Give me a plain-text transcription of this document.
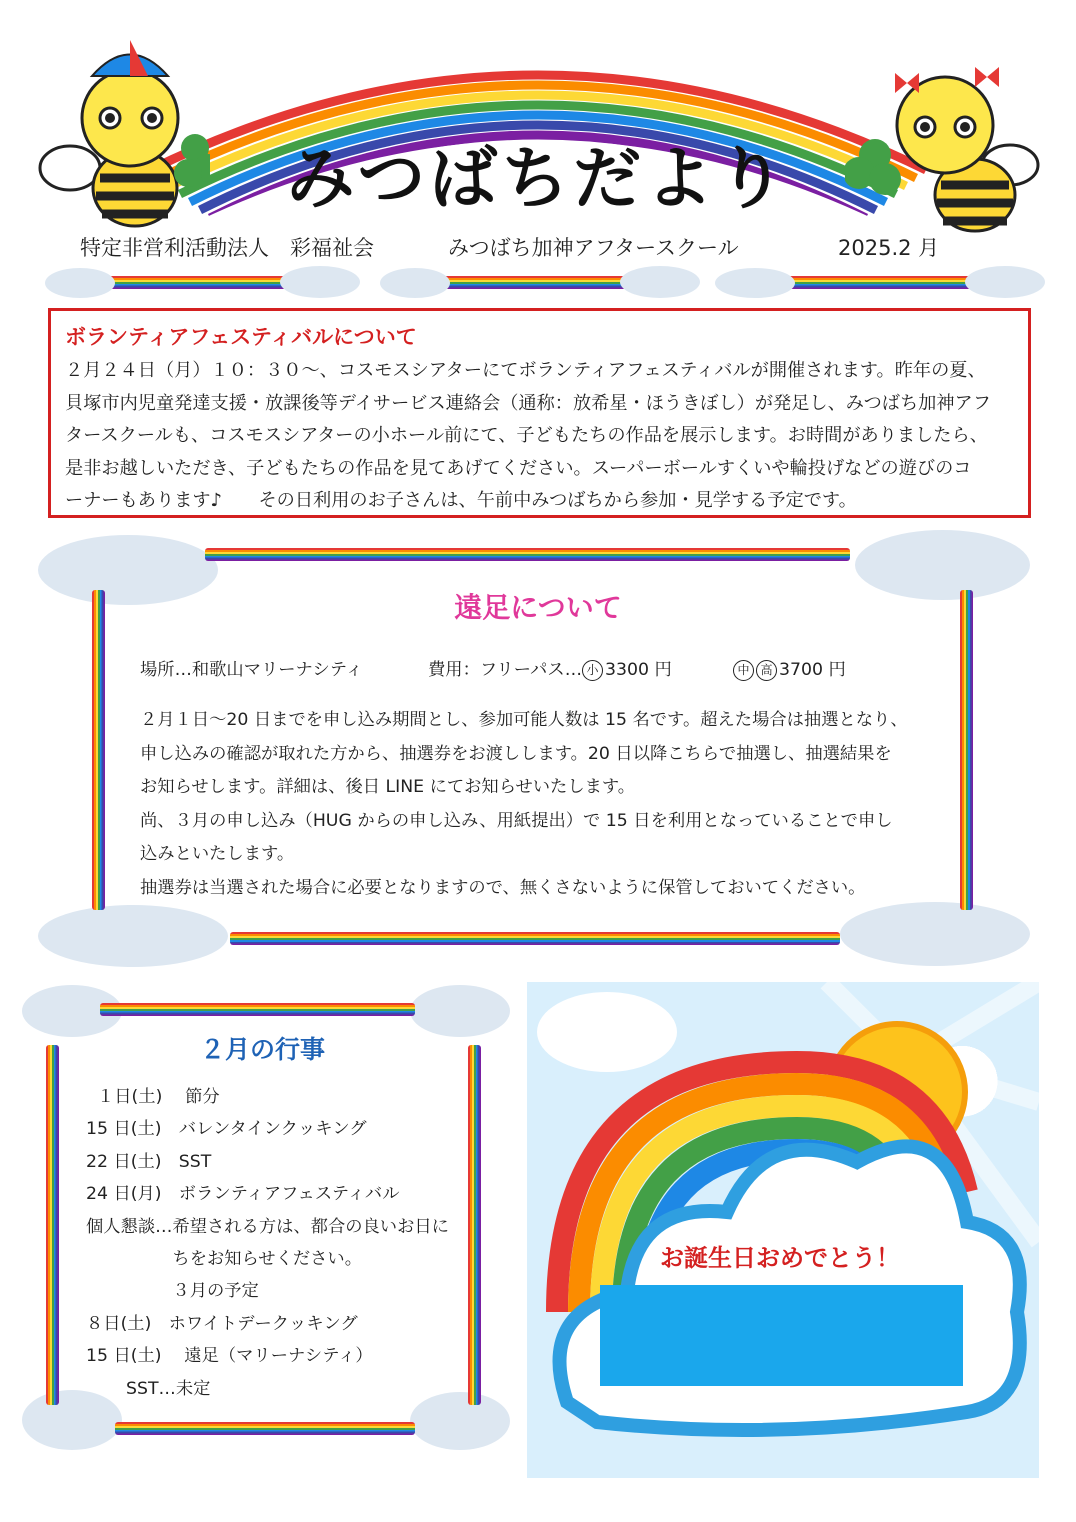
みつばちだより
特定非営利活動法人　彩福祉会	みつばち加神アフタースクール	2025.2 月
ボランティアフェスティバルについて
２月２４日（月）１０：３０～、コスモスシアターにてボランティアフェスティバルが開催されます。昨年の夏、
貝塚市内児童発達支援・放課後等デイサービス連絡会（通称：放希星・ほうきぼし）が発足し、みつばち加神アフ
タースクールも、コスモスシアターの小ホール前にて、子どもたちの作品を展示します。お時間がありましたら、
是非お越しいただき、子どもたちの作品を見てあげてください。スーパーボールすくいや輪投げなどの遊びのコ
ーナーもあります♪　　その日利用のお子さんは、午前中みつばちから参加・見学する予定です。
遠足について
場所…和歌山マリーナシティ	費用：フリーパス… 小 3300 円	中 高 3700 円
２月１日～20 日までを申し込み期間とし、参加可能人数は 15 名です。超えた場合は抽選となり、
申し込みの確認が取れた方から、抽選券をお渡しします。20 日以降こちらで抽選し、抽選結果を
お知らせします。詳細は、後日 LINE にてお知らせいたします。
尚、３月の申し込み（HUG からの申し込み、用紙提出）で 15 日を利用となっていることで申し
込みといたします。
抽選券は当選された場合に必要となりますので、無くさないように保管しておいてください。
２月の行事
１日(土)　 節分
15 日(土)　バレンタインクッキング
22 日(土)　SST
24 日(月)　ボランティアフェスティバル
個人懇談…希望される方は、都合の良いお日に
　　　　　ちをお知らせください。
　　　　　３月の予定
８日(土)　ホワイトデークッキング
15 日(土)　 遠足（マリーナシティ）
　　 SST…未定
お誕生日おめでとう！
